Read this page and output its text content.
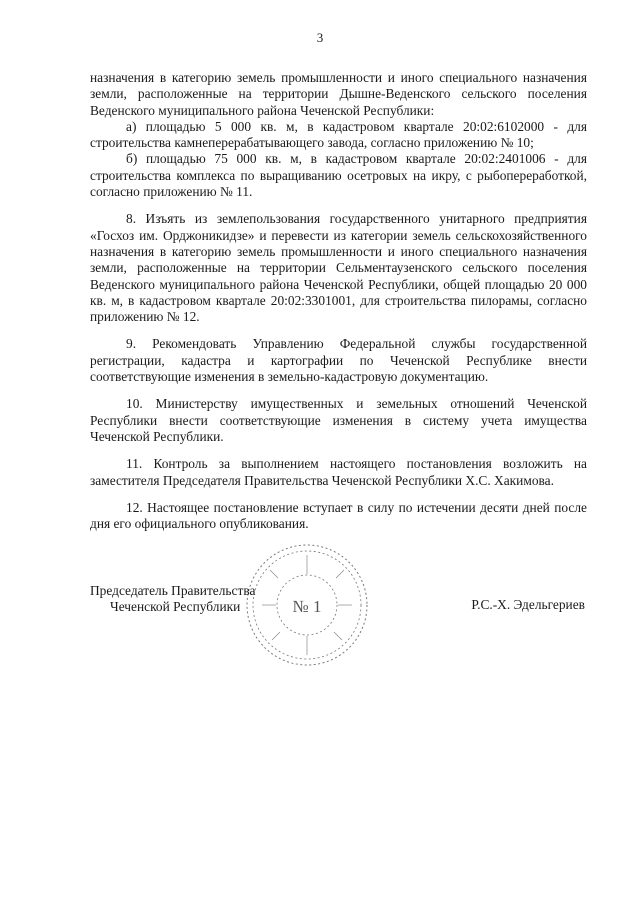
3

назначения в категорию земель промышленности и иного специального назначения земли, расположенные на территории Дышне-Веденского сельского поселения Веденского муниципального района Чеченской Республики:

а) площадью 5 000 кв. м, в кадастровом квартале 20:02:6102000 - для строительства камнеперерабатывающего завода, согласно приложению № 10;

б) площадью 75 000 кв. м, в кадастровом квартале 20:02:2401006 - для строительства комплекса по выращиванию осетровых на икру, с рыбопереработкой, согласно приложению № 11.

8. Изъять из землепользования государственного унитарного предприятия «Госхоз им. Орджоникидзе» и перевести из категории земель сельскохозяйственного назначения в категорию земель промышленности и иного специального назначения земли, расположенные на территории Сельментаузенского сельского поселения Веденского муниципального района Чеченской Республики, общей площадью 20 000 кв. м, в кадастровом квартале 20:02:3301001, для строительства пилорамы, согласно приложению № 12.

9. Рекомендовать Управлению Федеральной службы государственной регистрации, кадастра и картографии по Чеченской Республике внести соответствующие изменения в земельно-кадастровую документацию.

10. Министерству имущественных и земельных отношений Чеченской Республики внести соответствующие изменения в систему учета имущества Чеченской Республики.

11. Контроль за выполнением настоящего постановления возложить на заместителя Председателя Правительства Чеченской Республики Х.С. Хакимова.

12. Настоящее постановление вступает в силу по истечении десяти дней после дня его официального опубликования.

№ 1
Председатель Правительства
Чеченской Республики	Р.С.-Х. Эдельгериев
